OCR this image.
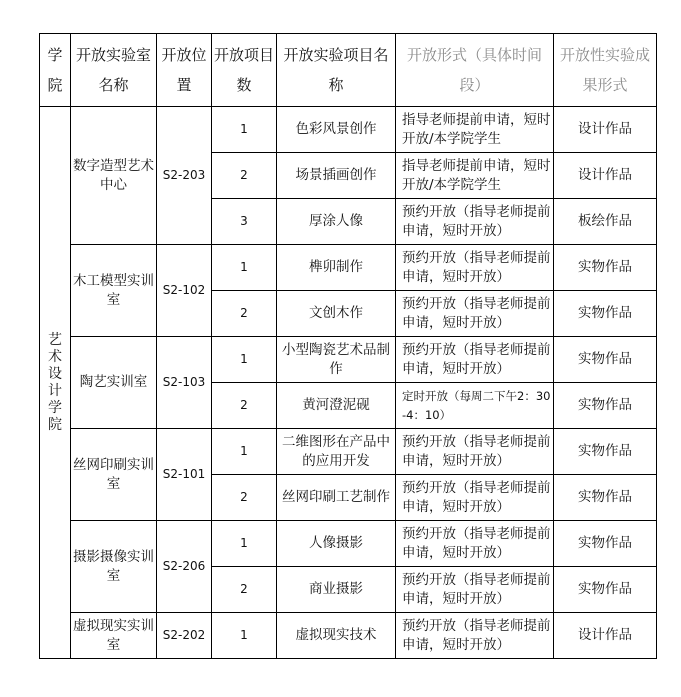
学院	开放实验室名称	开放位置	开放项目数	开放实验项目名称	开放形式（具体时间段）	开放性实验成果形式
艺术设计学院	数字造型艺术中心	S2-203	1	色彩风景创作	指导老师提前申请，短时开放/本学院学生	设计作品
			2	场景插画创作	指导老师提前申请，短时开放/本学院学生	设计作品
			3	厚涂人像	预约开放（指导老师提前申请，短时开放）	板绘作品
	木工模型实训室	S2-102	1	榫卯制作	预约开放（指导老师提前申请，短时开放）	实物作品
			2	文创木作	预约开放（指导老师提前申请，短时开放）	实物作品
	陶艺实训室	S2-103	1	小型陶瓷艺术品制作	预约开放（指导老师提前申请，短时开放）	实物作品
			2	黄河澄泥砚	定时开放（每周二下午2：30-4：10）	实物作品
	丝网印刷实训室	S2-101	1	二维图形在产品中的应用开发	预约开放（指导老师提前申请，短时开放）	实物作品
			2	丝网印刷工艺制作	预约开放（指导老师提前申请，短时开放）	实物作品
	摄影摄像实训室	S2-206	1	人像摄影	预约开放（指导老师提前申请，短时开放）	实物作品
			2	商业摄影	预约开放（指导老师提前申请，短时开放）	实物作品
	虚拟现实实训室	S2-202	1	虚拟现实技术	预约开放（指导老师提前申请，短时开放）	设计作品
